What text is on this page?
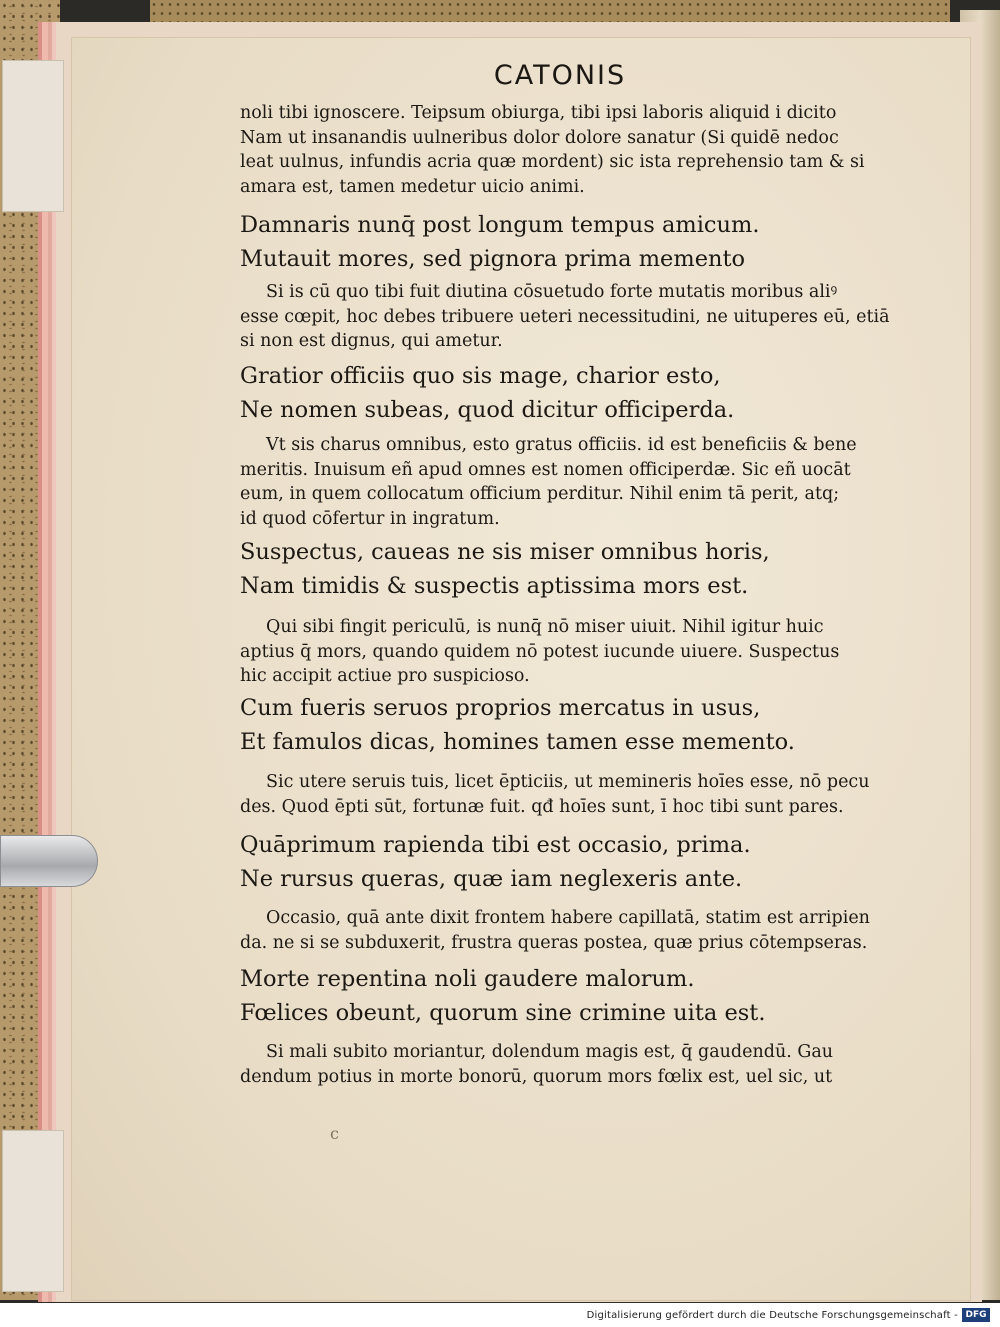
CATONIS
noli tibi ignoscere. Teipsum obiurga, tibi ipsi laboris aliquid i dicito
Nam ut insanandis uulneribus dolor dolore sanatur (Si quidē nedoc
leat uulnus, infundis acria quæ mordent) sic ista reprehensio tam & si
amara est, tamen medetur uicio animi.
Damnaris nunq̄ post longum tempus amicum.
Mutauit mores, sed pignora prima memento
Si is cū quo tibi fuit diutina cōsuetudo forte mutatis moribus aliꝰ
esse cœpit, hoc debes tribuere ueteri necessitudini, ne uituperes eū, etiā
si non est dignus, qui ametur.
Gratior officiis quo sis mage, charior esto,
Ne nomen subeas, quod dicitur officiperda.
Vt sis charus omnibus, esto gratus officiis. id est beneficiis & bene
meritis. Inuisum eñ apud omnes est nomen officiperdæ. Sic eñ uocāt
eum, in quem collocatum officium perditur. Nihil enim tā perit, atq;
id quod cōfertur in ingratum.
Suspectus, caueas ne sis miser omnibus horis,
Nam timidis & suspectis aptissima mors est.
Qui sibi fingit periculū, is nunq̄ nō miser uiuit. Nihil igitur huic
aptius q̄ mors, quando quidem nō potest iucunde uiuere. Suspectus
hic accipit actiue pro suspicioso.
Cum fueris seruos proprios mercatus in usus,
Et famulos dicas, homines tamen esse memento.
Sic utere seruis tuis, licet ēpticiis, ut memineris hoīes esse, nō pecu
des. Quod ēpti sūt, fortunæ fuit. qđ hoīes sunt, ī hoc tibi sunt pares.
Quāprimum rapienda tibi est occasio, prima.
Ne rursus queras, quæ iam neglexeris ante.
Occasio, quā ante dixit frontem habere capillatā, statim est arripien
da. ne si se subduxerit, frustra queras postea, quæ prius cōtempseras.
Morte repentina noli gaudere malorum.
Fœlices obeunt, quorum sine crimine uita est.
Si mali subito moriantur, dolendum magis est, q̄ gaudendū. Gau
dendum potius in morte bonorū, quorum mors fœlix est, uel sic, ut
c
Digitalisierung gefördert durch die Deutsche Forschungsgemeinschaft - DFG
